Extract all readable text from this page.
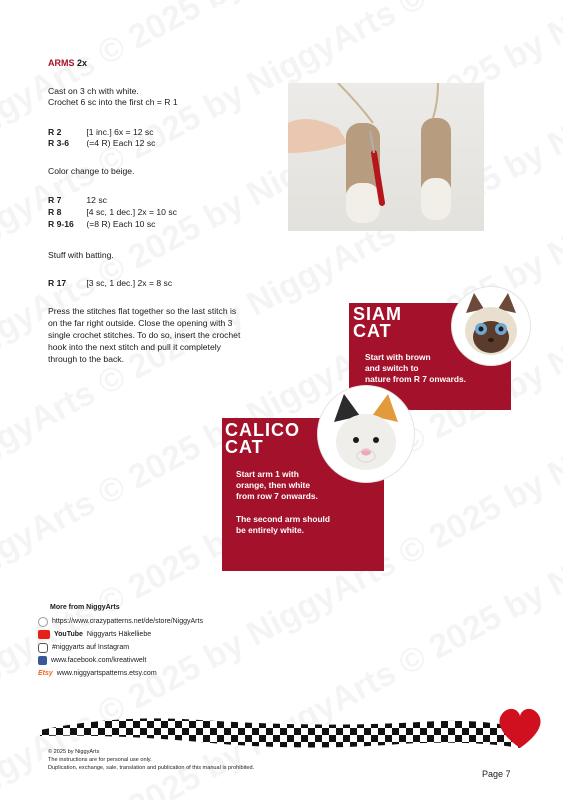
ARMS 2x
Cast on 3 ch with white.
Crochet 6 sc into the first ch = R 1
R 2	[1 inc.] 6x = 12 sc
R 3-6 (=4 R) Each 12 sc
Color change to beige.
R 7	12 sc
R 8	[4 sc, 1 dec.] 2x = 10 sc
R 9-16 (=8 R) Each 10 sc
Stuff with batting.
R 17 [3 sc, 1 dec.] 2x = 8 sc
Press the stitches flat together so the last stitch is
on the far right outside. Close the opening with 3
single crochet stitches. To do so, insert the crochet
hook into the next stitch and pull it completely
through to the back.
SIAM
CAT
Start with brown
and switch to
nature from R 7 onwards.
CALICO
CAT
Start arm 1 with
orange, then white
from row 7 onwards.
The second arm should
be entirely white.
More from NiggyArts
https://www.crazypatterns.net/de/store/NiggyArts
YouTube Niggyarts Häkelliebe
#niggyarts auf Instagram
www.facebook.com/kreativwelt
Etsy www.niggyartspatterns.etsy.com
© 2025 by NiggyArts
The instructions are for personal use only.
Duplication, exchange, sale, translation and publication of this manual is prohibited.
Page 7
